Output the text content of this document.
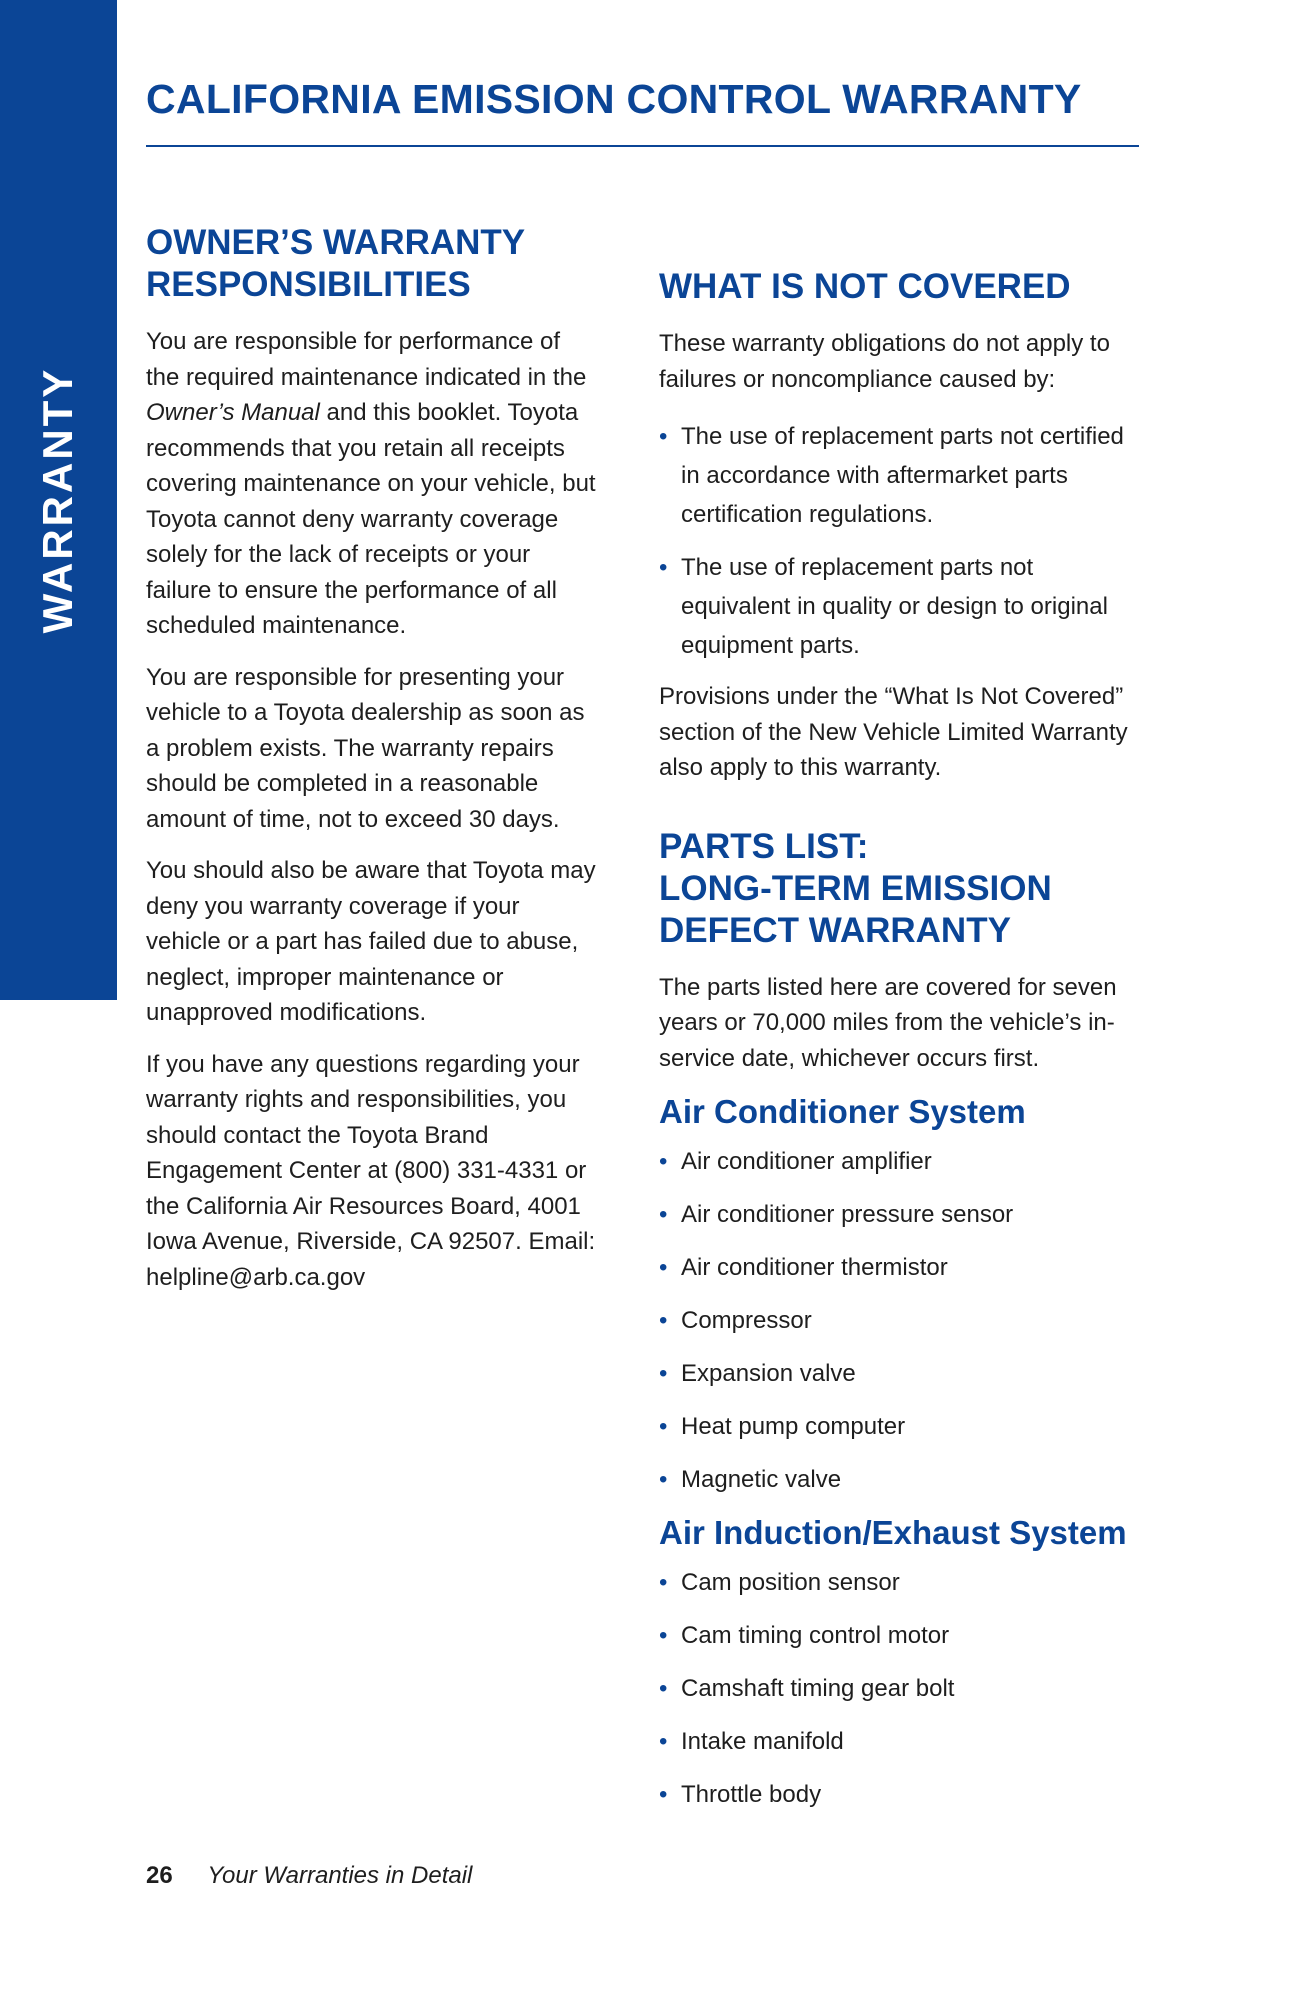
WARRANTY
CALIFORNIA EMISSION CONTROL WARRANTY
OWNER’S WARRANTY
RESPONSIBILITIES

You are responsible for performance of the required maintenance indicated in the Owner’s Manual and this booklet. Toyota recommends that you retain all receipts covering maintenance on your vehicle, but Toyota cannot deny warranty coverage solely for the lack of receipts or your failure to ensure the performance of all scheduled maintenance.

You are responsible for presenting your vehicle to a Toyota dealership as soon as a problem exists. The warranty repairs should be completed in a reasonable amount of time, not to exceed 30 days.

You should also be aware that Toyota may deny you warranty coverage if your vehicle or a part has failed due to abuse, neglect, improper maintenance or unapproved modifications.

If you have any questions regarding your warranty rights and responsibilities, you should contact the Toyota Brand Engagement Center at (800) 331-4331 or the California Air Resources Board, 4001 Iowa Avenue, Riverside, CA 92507. Email: helpline@arb.ca.gov

WHAT IS NOT COVERED

These warranty obligations do not apply to failures or noncompliance caused by:

• The use of replacement parts not certified in accordance with aftermarket parts certification regulations.
• The use of replacement parts not equivalent in quality or design to original equipment parts.

Provisions under the “What Is Not Covered” section of the New Vehicle Limited Warranty also apply to this warranty.

PARTS LIST:
LONG-TERM EMISSION
DEFECT WARRANTY

The parts listed here are covered for seven years or 70,000 miles from the vehicle’s in-service date, whichever occurs first.

Air Conditioner System
• Air conditioner amplifier
• Air conditioner pressure sensor
• Air conditioner thermistor
• Compressor
• Expansion valve
• Heat pump computer
• Magnetic valve
Air Induction/Exhaust System
• Cam position sensor
• Cam timing control motor
• Camshaft timing gear bolt
• Intake manifold
• Throttle body
26 Your Warranties in Detail
